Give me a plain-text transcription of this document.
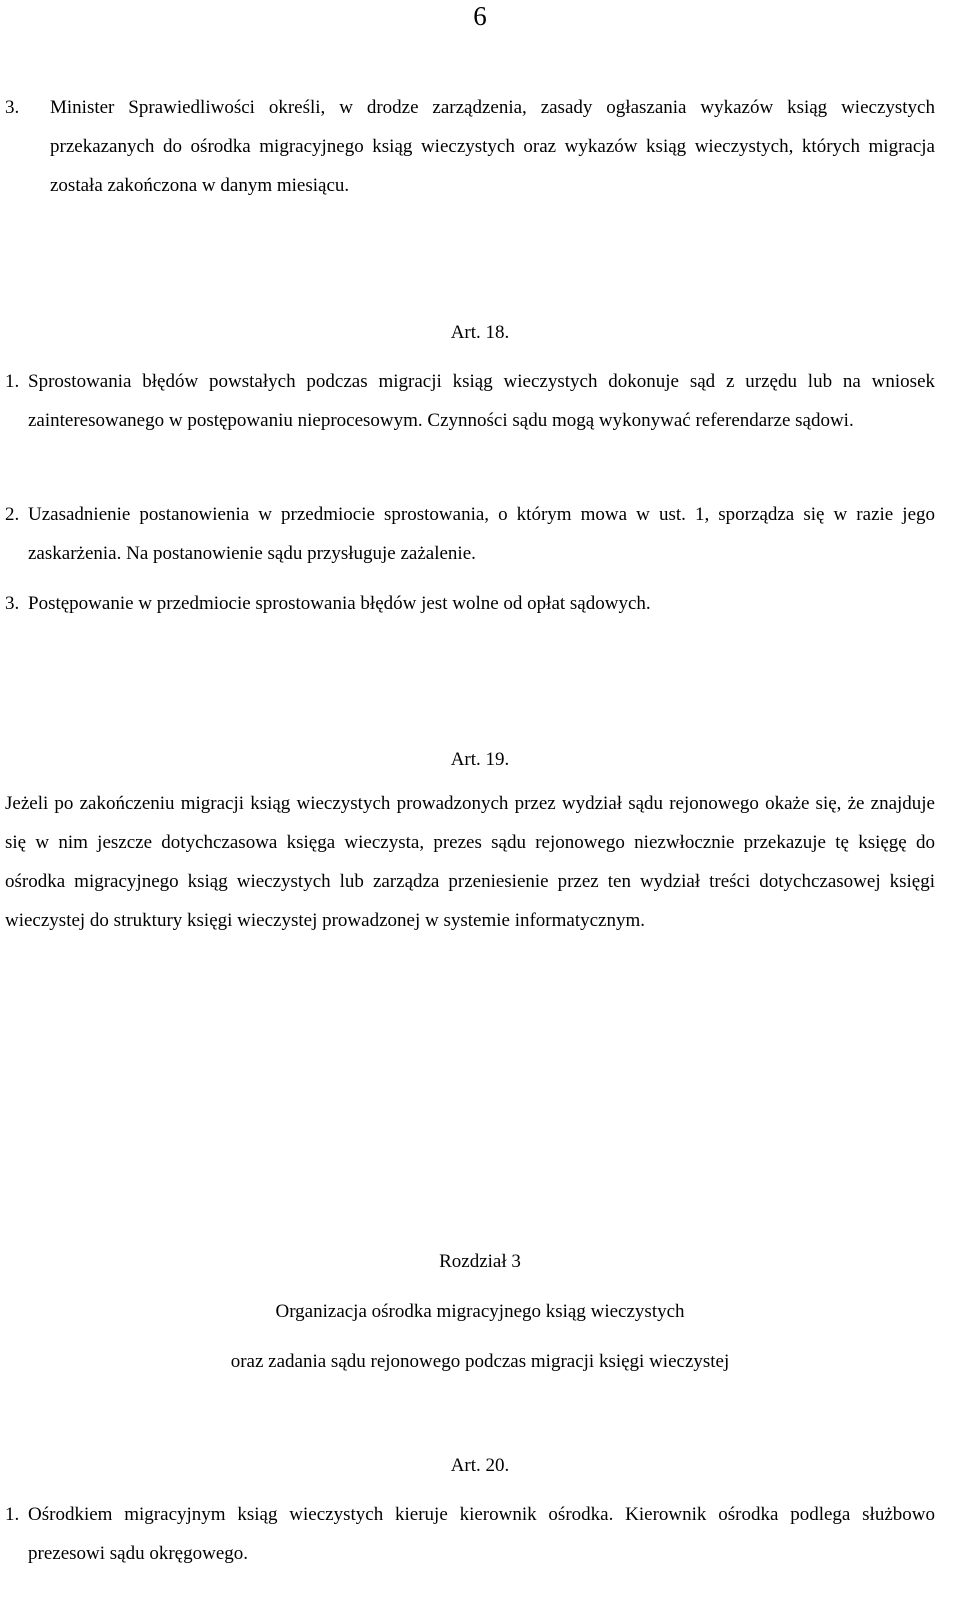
6
3. Minister Sprawiedliwości określi, w drodze zarządzenia, zasady ogłaszania wykazów ksiąg wieczystych przekazanych do ośrodka migracyjnego ksiąg wieczystych oraz wykazów ksiąg wieczystych, których migracja została zakończona w danym miesiącu.
Art. 18.
1. Sprostowania błędów powstałych podczas migracji ksiąg wieczystych dokonuje sąd z urzędu lub na wniosek zainteresowanego w postępowaniu nieprocesowym. Czynności sądu mogą wykonywać referendarze sądowi.
2. Uzasadnienie postanowienia w przedmiocie sprostowania, o którym mowa w ust. 1, sporządza się w razie jego zaskarżenia. Na postanowienie sądu przysługuje zażalenie.
3. Postępowanie w przedmiocie sprostowania błędów jest wolne od opłat sądowych.
Art. 19.
Jeżeli po zakończeniu migracji ksiąg wieczystych prowadzonych przez wydział sądu rejonowego okaże się, że znajduje się w nim jeszcze dotychczasowa księga wieczysta, prezes sądu rejonowego niezwłocznie przekazuje tę księgę do ośrodka migracyjnego ksiąg wieczystych lub zarządza przeniesienie przez ten wydział treści dotychczasowej księgi wieczystej do struktury księgi wieczystej prowadzonej w systemie informatycznym.
Rozdział 3
Organizacja ośrodka migracyjnego ksiąg wieczystych
oraz zadania sądu rejonowego podczas migracji księgi wieczystej
Art. 20.
1. Ośrodkiem migracyjnym ksiąg wieczystych kieruje kierownik ośrodka. Kierownik ośrodka podlega służbowo prezesowi sądu okręgowego.
